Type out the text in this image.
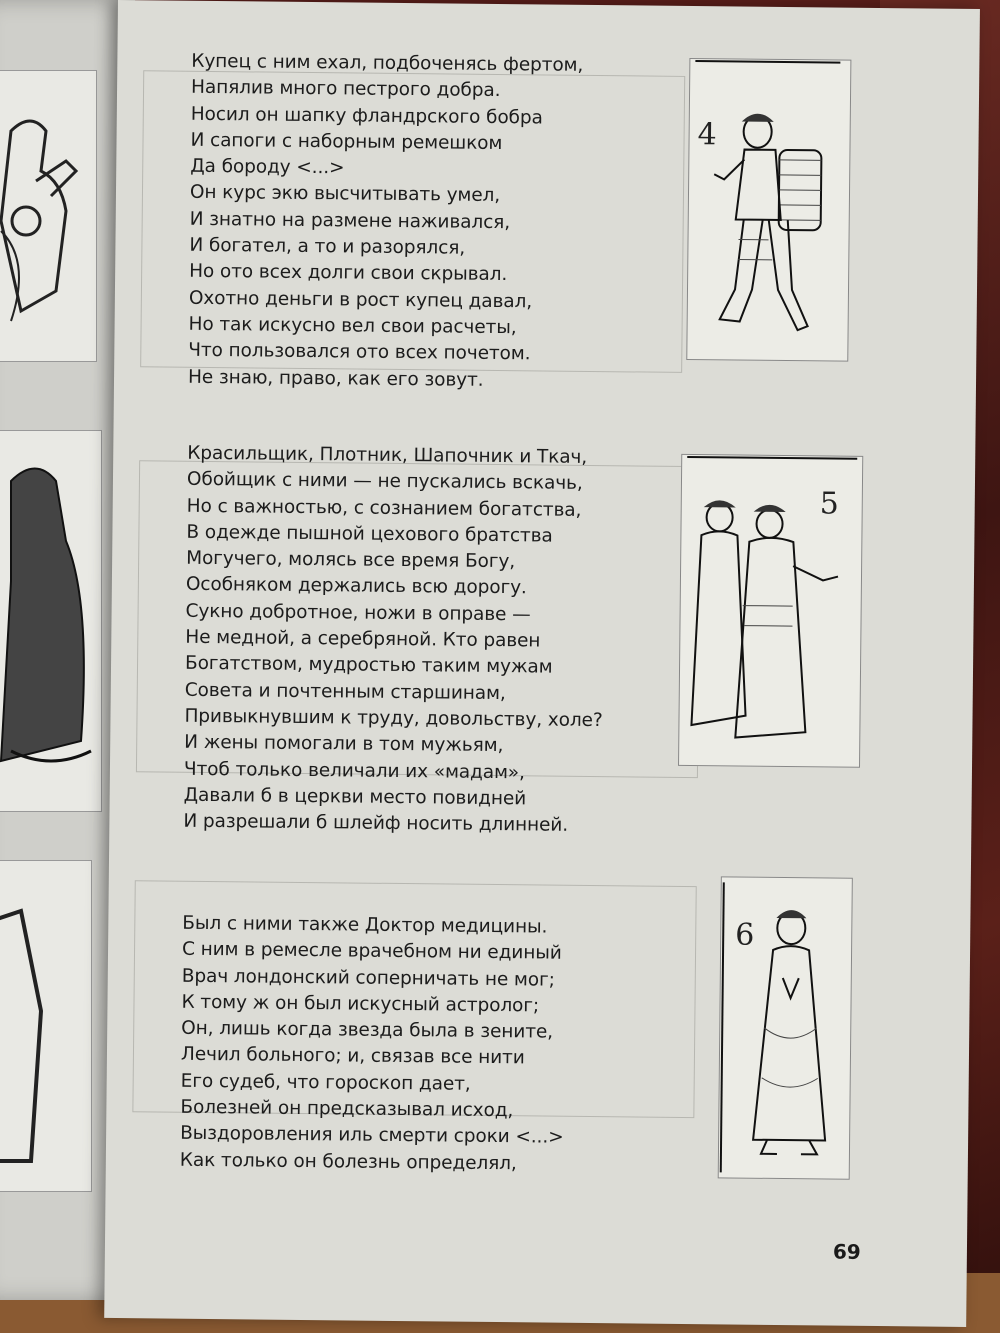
Купец с ним ехал, подбоченясь фертом,
Напялив много пестрого добра.
Носил он шапку фландрского бобра
И сапоги с наборным ремешком
Да бороду <...>
Он курс экю высчитывать умел,
И знатно на размене наживался,
И богател, а то и разорялся,
Но ото всех долги свои скрывал.
Охотно деньги в рост купец давал,
Но так искусно вел свои расчеты,
Что пользовался ото всех почетом.
Не знаю, право, как его зовут.
Красильщик, Плотник, Шапочник и Ткач,
Обойщик с ними — не пускались вскачь,
Но с важностью, с сознанием богатства,
В одежде пышной цехового братства
Могучего, молясь все время Богу,
Особняком держались всю дорогу.
Сукно добротное, ножи в оправе —
Не медной, а серебряной. Кто равен
Богатством, мудростью таким мужам
Совета и почтенным старшинам,
Привыкнувшим к труду, довольству, холе?
И жены помогали в том мужьям,
Чтоб только величали их «мадам»,
Давали б в церкви место повидней
И разрешали б шлейф носить длинней.
Был с ними также Доктор медицины.
С ним в ремесле врачебном ни единый
Врач лондонский соперничать не мог;
К тому ж он был искусный астролог;
Он, лишь когда звезда была в зените,
Лечил больного; и, связав все нити
Его судеб, что гороскоп дает,
Болезней он предсказывал исход,
Выздоровления иль смерти сроки <...>
Как только он болезнь определял,
4
5
6
69
